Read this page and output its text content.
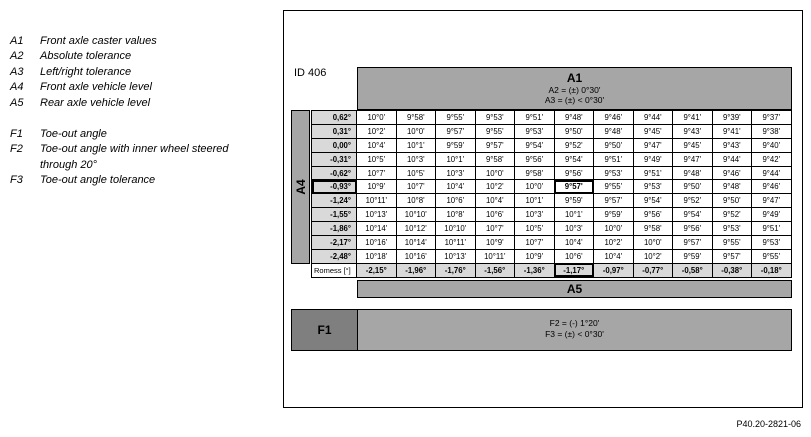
A1	Front axle caster values
A2	Absolute tolerance
A3	Left/right tolerance
A4	Front axle vehicle level
A5	Rear axle vehicle level
F1	Toe-out angle
F2	Toe-out angle with inner wheel steered through 20°
F3	Toe-out angle tolerance
ID 406	A1
A2 = (±) 0°30'
A3 = (±) < 0°30'
A4
0,62°	10°0'	9°58'	9°55'	9°53'	9°51'	9°48'	9°46'	9°44'	9°41'	9°39'	9°37'
0,31°	10°2'	10°0'	9°57'	9°55'	9°53'	9°50'	9°48'	9°45'	9°43'	9°41'	9°38'
0,00°	10°4'	10°1'	9°59'	9°57'	9°54'	9°52'	9°50'	9°47'	9°45'	9°43'	9°40'
-0,31°	10°5'	10°3'	10°1'	9°58'	9°56'	9°54'	9°51'	9°49'	9°47'	9°44'	9°42'
-0,62°	10°7'	10°5'	10°3'	10°0'	9°58'	9°56'	9°53'	9°51'	9°48'	9°46'	9°44'
-0,93°	10°9'	10°7'	10°4'	10°2'	10°0'	9°57'	9°55'	9°53'	9°50'	9°48'	9°46'
-1,24°	10°11'	10°8'	10°6'	10°4'	10°1'	9°59'	9°57'	9°54'	9°52'	9°50'	9°47'
-1,55°	10°13'	10°10'	10°8'	10°6'	10°3'	10°1'	9°59'	9°56'	9°54'	9°52'	9°49'
-1,86°	10°14'	10°12'	10°10'	10°7'	10°5'	10°3'	10°0'	9°58'	9°56'	9°53'	9°51'
-2,17°	10°16'	10°14'	10°11'	10°9'	10°7'	10°4'	10°2'	10°0'	9°57'	9°55'	9°53'
-2,48°	10°18'	10°16'	10°13'	10°11'	10°9'	10°6'	10°4'	10°2'	9°59'	9°57'	9°55'
Romess [°]	-2,15°	-1,96°	-1,76°	-1,56°	-1,36°	-1,17°	-0,97°	-0,77°	-0,58°	-0,38°	-0,18°
A5
F1	F2 = (-) 1°20'
F3 = (±) < 0°30'
P40.20-2821-06
